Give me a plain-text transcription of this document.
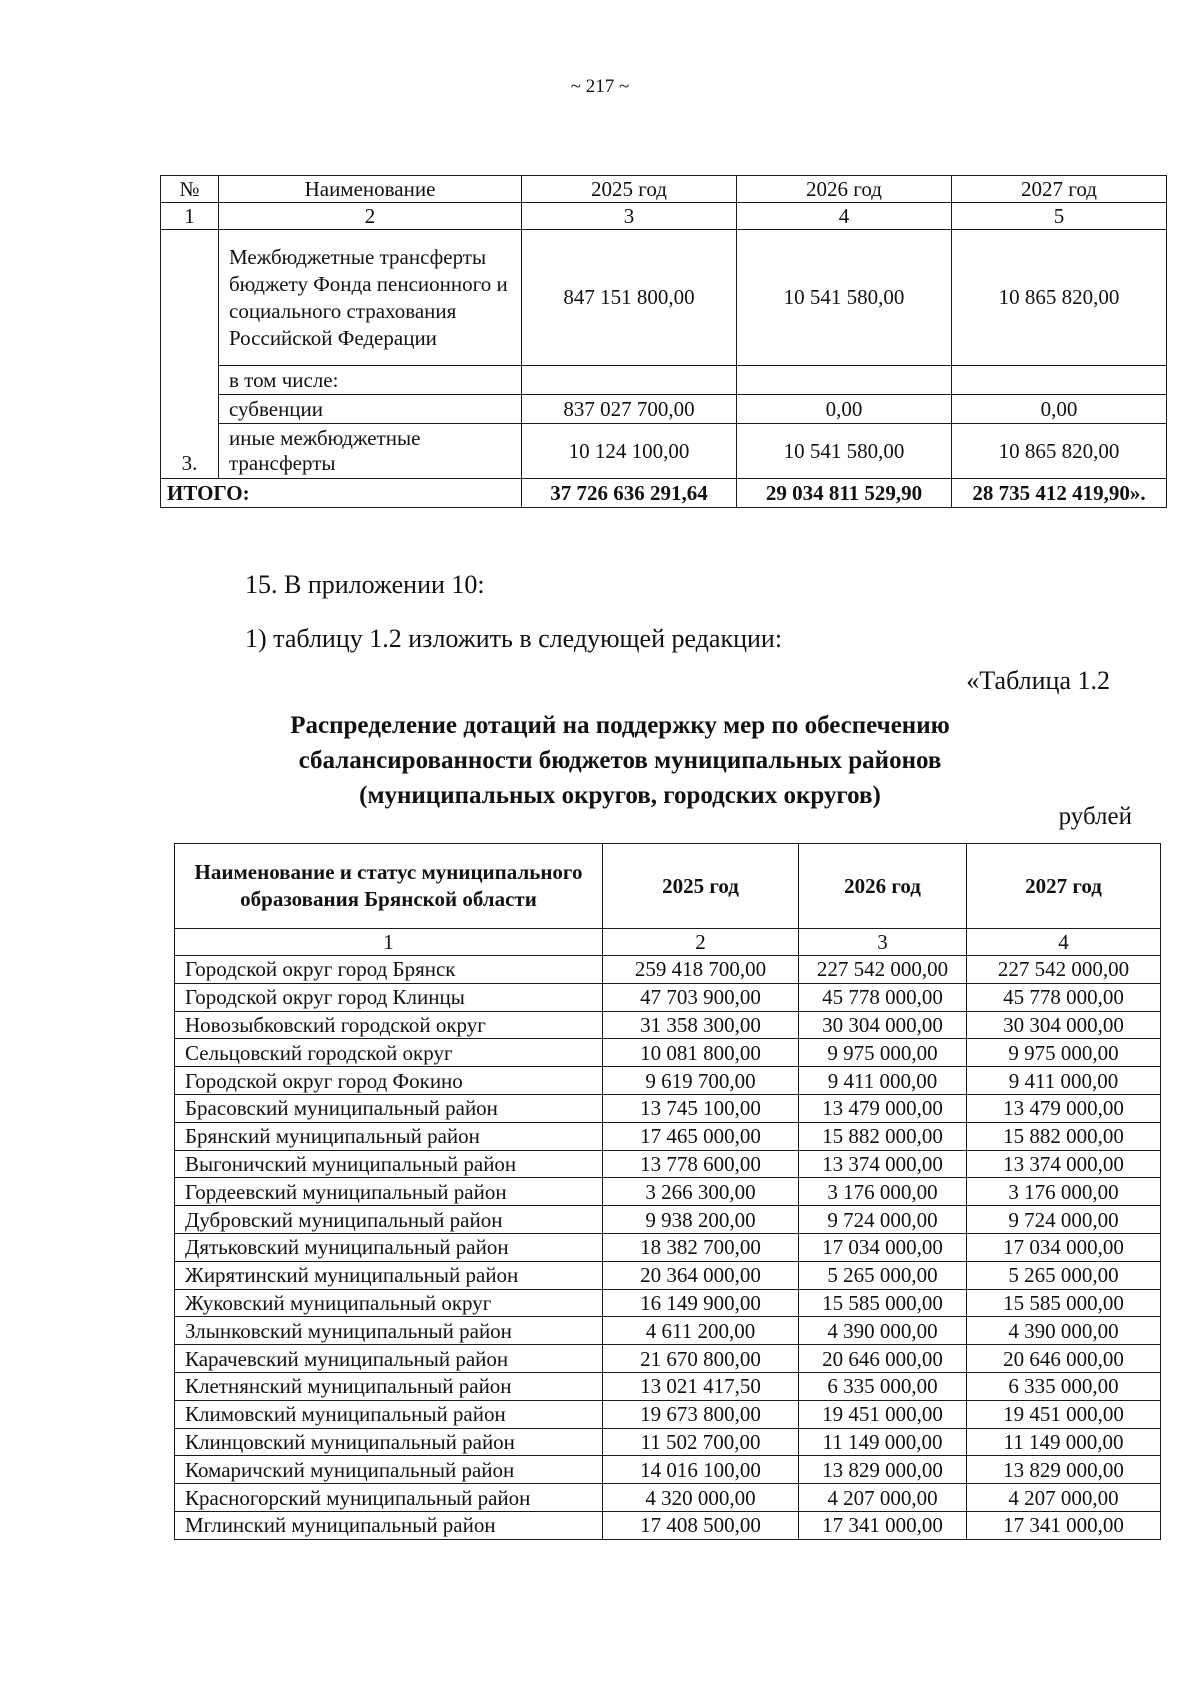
~ 217 ~
№	Наименование	2025 год	2026 год	2027 год
1	2	3	4	5
3.	Межбюджетные трансферты бюджету Фонда пенсионного и социального страхования Российской Федерации	847 151 800,00	10 541 580,00	10 865 820,00
	в том числе:			
	субвенции	837 027 700,00	0,00	0,00
	иные межбюджетные трансферты	10 124 100,00	10 541 580,00	10 865 820,00
ИТОГО:		37 726 636 291,64	29 034 811 529,90	28 735 412 419,90».
15. В приложении 10:
1) таблицу 1.2 изложить в следующей редакции:
«Таблица 1.2
Распределение дотаций на поддержку мер по обеспечению
сбалансированности бюджетов муниципальных районов
(муниципальных округов, городских округов)
рублей
Наименование и статус муниципального образования Брянской области	2025 год	2026 год	2027 год
1	2	3	4
Городской округ город Брянск	259 418 700,00	227 542 000,00	227 542 000,00
Городской округ город Клинцы	47 703 900,00	45 778 000,00	45 778 000,00
Новозыбковский городской округ	31 358 300,00	30 304 000,00	30 304 000,00
Сельцовский городской округ	10 081 800,00	9 975 000,00	9 975 000,00
Городской округ город Фокино	9 619 700,00	9 411 000,00	9 411 000,00
Брасовский муниципальный район	13 745 100,00	13 479 000,00	13 479 000,00
Брянский муниципальный район	17 465 000,00	15 882 000,00	15 882 000,00
Выгоничский муниципальный район	13 778 600,00	13 374 000,00	13 374 000,00
Гордеевский муниципальный район	3 266 300,00	3 176 000,00	3 176 000,00
Дубровский муниципальный район	9 938 200,00	9 724 000,00	9 724 000,00
Дятьковский муниципальный район	18 382 700,00	17 034 000,00	17 034 000,00
Жирятинский муниципальный район	20 364 000,00	5 265 000,00	5 265 000,00
Жуковский муниципальный округ	16 149 900,00	15 585 000,00	15 585 000,00
Злынковский муниципальный район	4 611 200,00	4 390 000,00	4 390 000,00
Карачевский муниципальный район	21 670 800,00	20 646 000,00	20 646 000,00
Клетнянский муниципальный район	13 021 417,50	6 335 000,00	6 335 000,00
Климовский муниципальный район	19 673 800,00	19 451 000,00	19 451 000,00
Клинцовский муниципальный район	11 502 700,00	11 149 000,00	11 149 000,00
Комаричский муниципальный район	14 016 100,00	13 829 000,00	13 829 000,00
Красногорский муниципальный район	4 320 000,00	4 207 000,00	4 207 000,00
Мглинский муниципальный район	17 408 500,00	17 341 000,00	17 341 000,00
